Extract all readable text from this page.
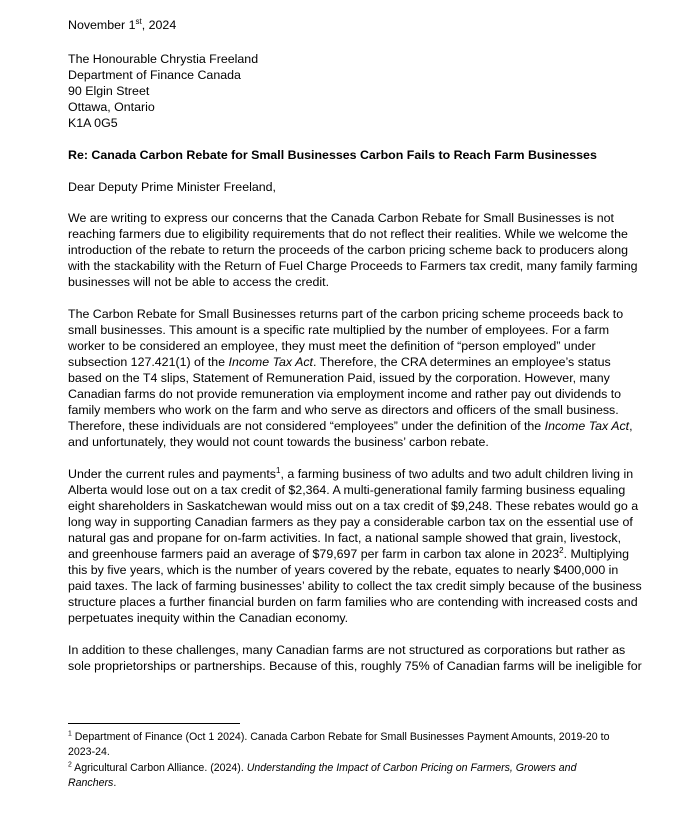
November 1st, 2024

The Honourable Chrystia Freeland

Department of Finance Canada

90 Elgin Street

Ottawa, Ontario

K1A 0G5

Re: Canada Carbon Rebate for Small Businesses Carbon Fails to Reach Farm Businesses

Dear Deputy Prime Minister Freeland,

We are writing to express our concerns that the Canada Carbon Rebate for Small Businesses is not

reaching farmers due to eligibility requirements that do not reflect their realities. While we welcome the

introduction of the rebate to return the proceeds of the carbon pricing scheme back to producers along

with the stackability with the Return of Fuel Charge Proceeds to Farmers tax credit, many family farming

businesses will not be able to access the credit.

The Carbon Rebate for Small Businesses returns part of the carbon pricing scheme proceeds back to

small businesses. This amount is a specific rate multiplied by the number of employees. For a farm

worker to be considered an employee, they must meet the definition of “person employed” under

subsection 127.421(1) of the Income Tax Act. Therefore, the CRA determines an employee’s status

based on the T4 slips, Statement of Remuneration Paid, issued by the corporation. However, many

Canadian farms do not provide remuneration via employment income and rather pay out dividends to

family members who work on the farm and who serve as directors and officers of the small business.

Therefore, these individuals are not considered “employees” under the definition of the Income Tax Act,

and unfortunately, they would not count towards the business’ carbon rebate.

Under the current rules and payments$^1$, a farming business of two adults and two adult children living in

Alberta would lose out on a tax credit of $2,364. A multi-generational family farming business equaling

eight shareholders in Saskatchewan would miss out on a tax credit of $9,248. These rebates would go a

long way in supporting Canadian farmers as they pay a considerable carbon tax on the essential use of

natural gas and propane for on-farm activities. In fact, a national sample showed that grain, livestock,

and greenhouse farmers paid an average of $79,697 per farm in carbon tax alone in 2023$^2$. Multiplying

this by five years, which is the number of years covered by the rebate, equates to nearly $400,000 in

paid taxes. The lack of farming businesses’ ability to collect the tax credit simply because of the business

structure places a further financial burden on farm families who are contending with increased costs and

perpetuates inequity within the Canadian economy.

In addition to these challenges, many Canadian farms are not structured as corporations but rather as

sole proprietorships or partnerships. Because of this, roughly 75% of Canadian farms will be ineligible for

$^1$ Department of Finance (Oct 1 2024). Canada Carbon Rebate for Small Businesses Payment Amounts, 2019-20 to

2023-24.

$^2$ Agricultural Carbon Alliance. (2024). Understanding the Impact of Carbon Pricing on Farmers, Growers and

Ranchers.
